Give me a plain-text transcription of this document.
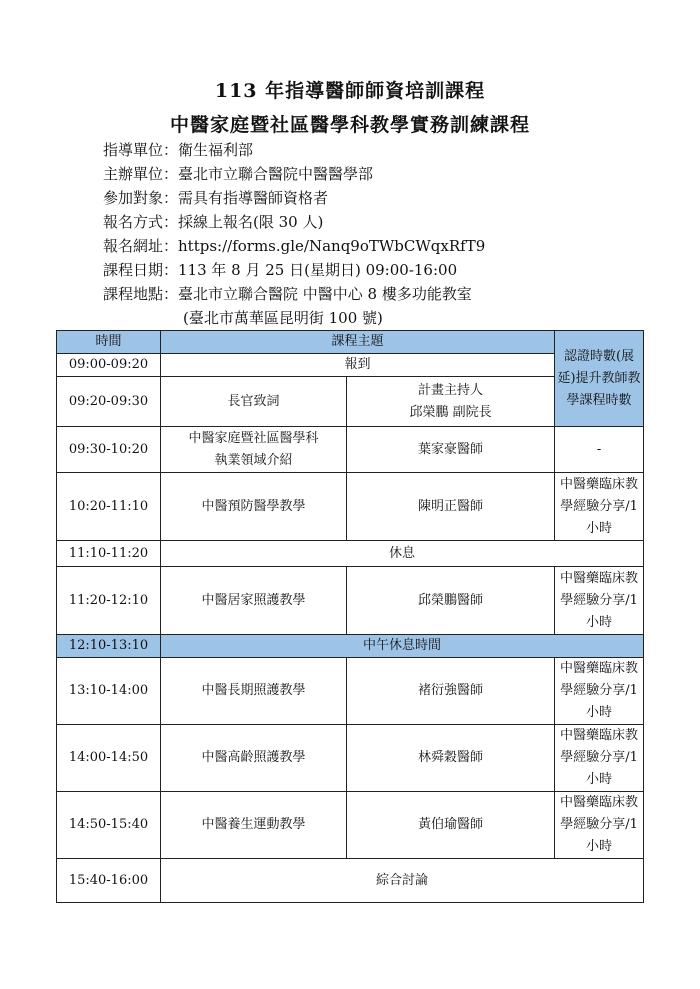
113 年指導醫師師資培訓課程
中醫家庭暨社區醫學科教學實務訓練課程
指導單位：衛生福利部
主辦單位：臺北市立聯合醫院中醫醫學部
參加對象：需具有指導醫師資格者
報名方式：採線上報名(限 30 人)
報名網址：https://forms.gle/Nanq9oTWbCWqxRfT9
課程日期：113 年 8 月 25 日(星期日) 09:00-16:00
課程地點：臺北市立聯合醫院 中醫中心 8 樓多功能教室
(臺北市萬華區昆明街 100 號)
時間	課程主題		認證時數(展延)提升教師教學課程時數
09:00-09:20	報到		
09:20-09:30	長官致詞	計畫主持人
邱榮鵬 副院長	

09:30-10:20	中醫家庭暨社區醫學科
執業領域介紹	葉家豪醫師	-
10:20-11:10	中醫預防醫學教學	陳明正醫師	中醫藥臨床教學經驗分享/1 小時
11:10-11:20	休息		
11:20-12:10	中醫居家照護教學	邱榮鵬醫師	中醫藥臨床教學經驗分享/1 小時
12:10-13:10	中午休息時間		
13:10-14:00	中醫長期照護教學	褚衍強醫師	中醫藥臨床教學經驗分享/1 小時
14:00-14:50	中醫高齡照護教學	林舜穀醫師	中醫藥臨床教學經驗分享/1 小時
14:50-15:40	中醫養生運動教學	黃伯瑜醫師	中醫藥臨床教學經驗分享/1 小時
15:40-16:00	綜合討論		
